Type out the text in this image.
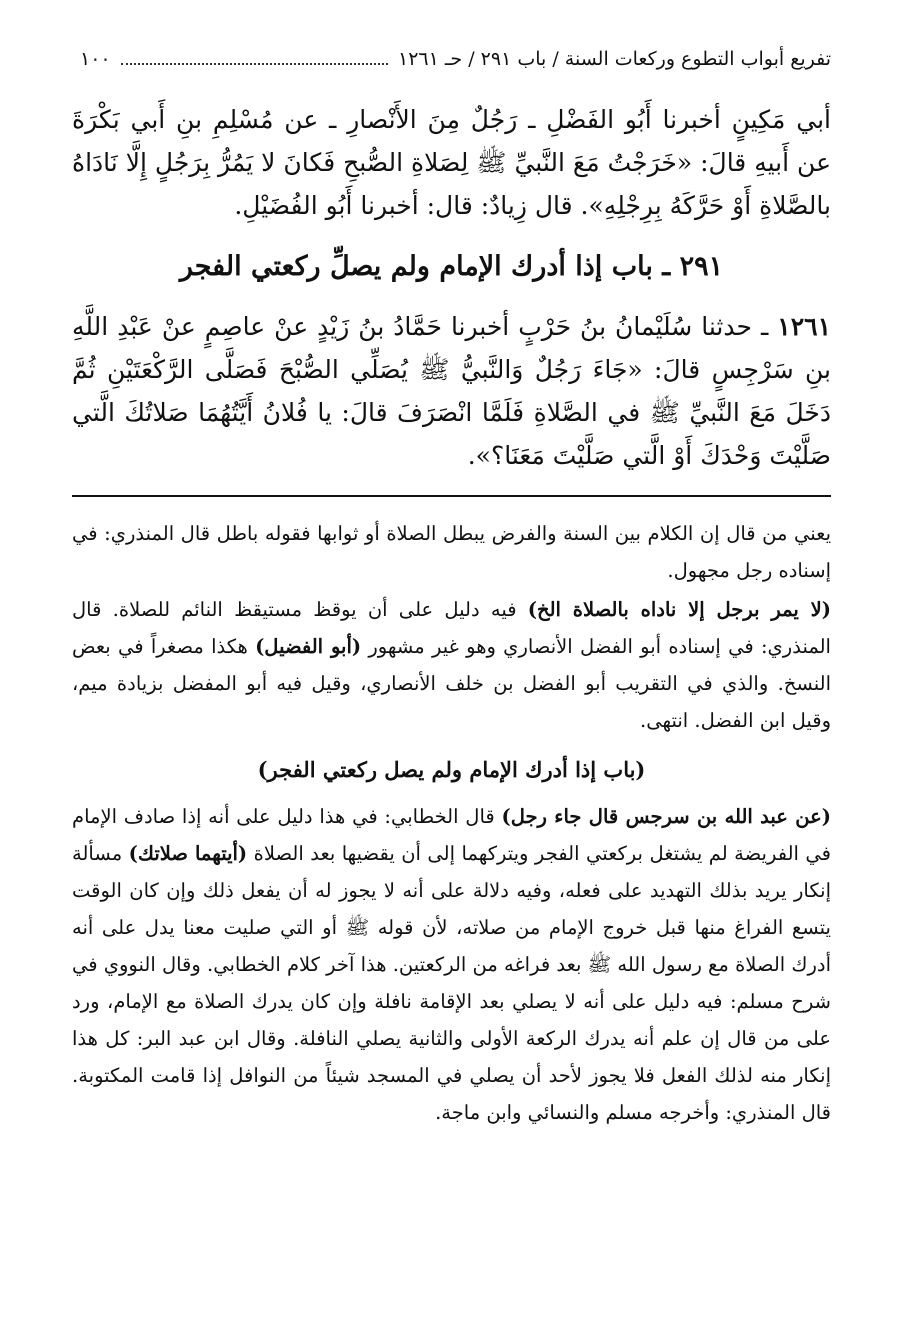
تفريع أبواب التطوع وركعات السنة / باب ٢٩١ / حـ ١٢٦١
١٠٠

أبي مَكِينٍ أخبرنا أَبُو الفَضْلِ ـ رَجُلٌ مِنَ الأَنْصارِ ـ عن مُسْلِمِ بنِ أَبي بَكْرَةَ عن أَبيهِ قالَ: «خَرَجْتُ مَعَ النَّبيِّ ﷺ لِصَلاةِ الصُّبحِ فَكانَ لا يَمُرُّ بِرَجُلٍ إِلَّا نَادَاهُ بالصَّلاةِ أَوْ حَرَّكَهُ بِرِجْلِهِ». قال زِيادٌ: قال: أخبرنا أَبُو الفُضَيْلِ.

٢٩١ ـ باب إذا أدرك الإمام ولم يصلِّ ركعتي الفجر
١٢٦١ ـ حدثنا سُلَيْمانُ بنُ حَرْبٍ أخبرنا حَمَّادُ بنُ زَيْدٍ عنْ عاصِمٍ عنْ عَبْدِ اللَّهِ بنِ سَرْجِسٍ قالَ: «جَاءَ رَجُلٌ وَالنَّبيُّ ﷺ يُصَلِّي الصُّبْحَ فَصَلَّى الرَّكْعَتَيْنِ ثُمَّ دَخَلَ مَعَ النَّبيِّ ﷺ في الصَّلاةِ فَلَمَّا انْصَرَفَ قالَ: يا فُلانُ أَيَّتُهُمَا صَلاتُكَ الَّتي صَلَّيْتَ وَحْدَكَ أَوْ الَّتي صَلَّيْتَ مَعَنَا؟».

يعني من قال إن الكلام بين السنة والفرض يبطل الصلاة أو ثوابها فقوله باطل قال المنذري: في إسناده رجل مجهول.

(لا يمر برجل إلا ناداه بالصلاة الخ) فيه دليل على أن يوقظ مستيقظ النائم للصلاة. قال المنذري: في إسناده أبو الفضل الأنصاري وهو غير مشهور (أبو الفضيل) هكذا مصغراً في بعض النسخ. والذي في التقريب أبو الفضل بن خلف الأنصاري، وقيل فيه أبو المفضل بزيادة ميم، وقيل ابن الفضل. انتهى.

(باب إذا أدرك الإمام ولم يصل ركعتي الفجر)

(عن عبد الله بن سرجس قال جاء رجل) قال الخطابي: في هذا دليل على أنه إذا صادف الإمام في الفريضة لم يشتغل بركعتي الفجر ويتركهما إلى أن يقضيها بعد الصلاة (أيتهما صلاتك) مسألة إنكار يريد بذلك التهديد على فعله، وفيه دلالة على أنه لا يجوز له أن يفعل ذلك وإن كان الوقت يتسع الفراغ منها قبل خروج الإمام من صلاته، لأن قوله ﷺ أو التي صليت معنا يدل على أنه أدرك الصلاة مع رسول الله ﷺ بعد فراغه من الركعتين. هذا آخر كلام الخطابي. وقال النووي في شرح مسلم: فيه دليل على أنه لا يصلي بعد الإقامة نافلة وإن كان يدرك الصلاة مع الإمام، ورد على من قال إن علم أنه يدرك الركعة الأولى والثانية يصلي النافلة. وقال ابن عبد البر: كل هذا إنكار منه لذلك الفعل فلا يجوز لأحد أن يصلي في المسجد شيئاً من النوافل إذا قامت المكتوبة. قال المنذري: وأخرجه مسلم والنسائي وابن ماجة.
